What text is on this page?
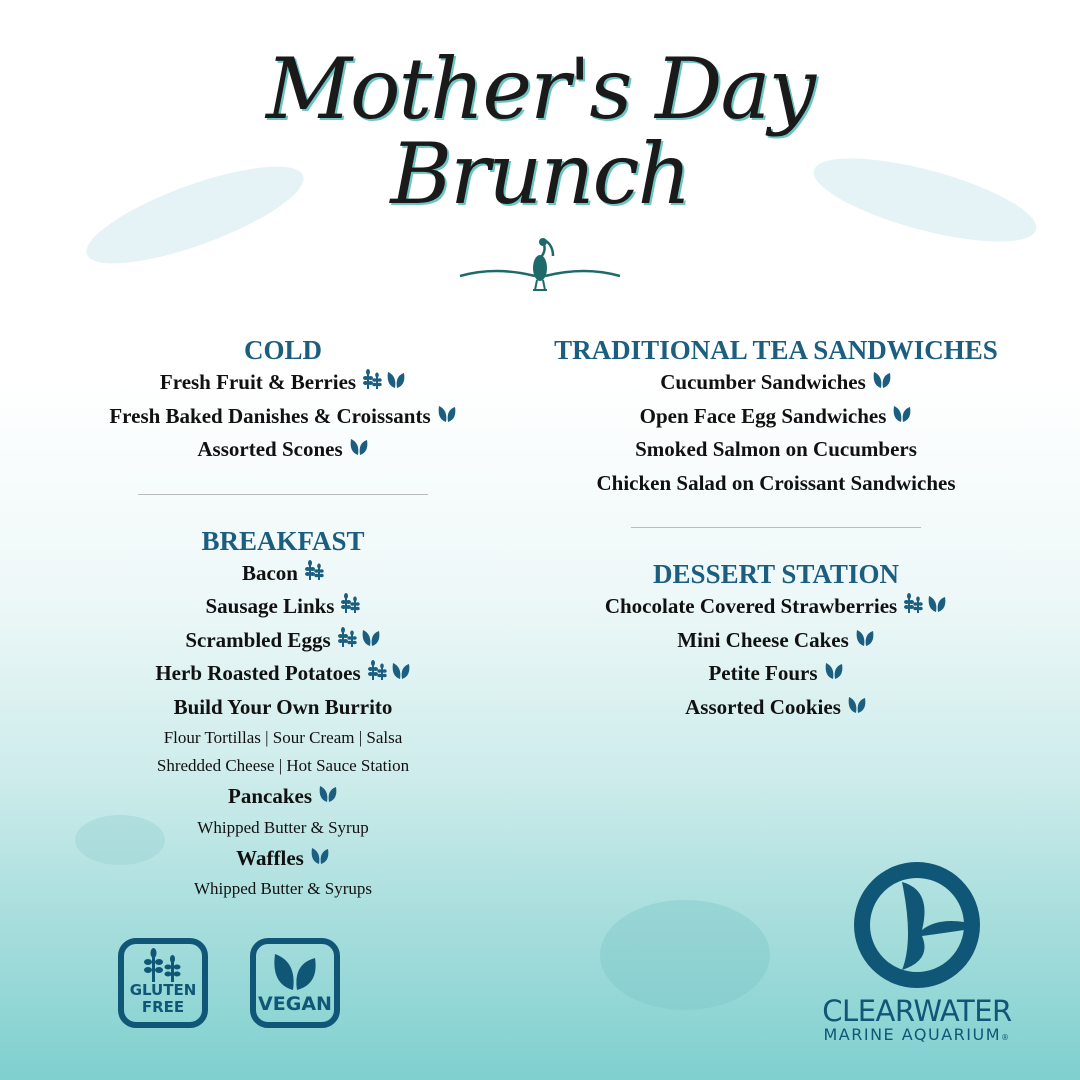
Mother's Day
Brunch
COLD
Fresh Fruit & Berries
Fresh Baked Danishes & Croissants
Assorted Scones
BREAKFAST
Bacon
Sausage Links
Scrambled Eggs
Herb Roasted Potatoes
Build Your Own Burrito
Flour Tortillas | Sour Cream | Salsa
Shredded Cheese | Hot Sauce Station
Pancakes
Whipped Butter & Syrup
Waffles
Whipped Butter & Syrups
TRADITIONAL TEA SANDWICHES
Cucumber Sandwiches
Open Face Egg Sandwiches
Smoked Salmon on Cucumbers
Chicken Salad on Croissant Sandwiches
DESSERT STATION
Chocolate Covered Strawberries
Mini Cheese Cakes
Petite Fours
Assorted Cookies
GLUTEN FREE	VEGAN	CLEARWATER
MARINE AQUARIUM®
